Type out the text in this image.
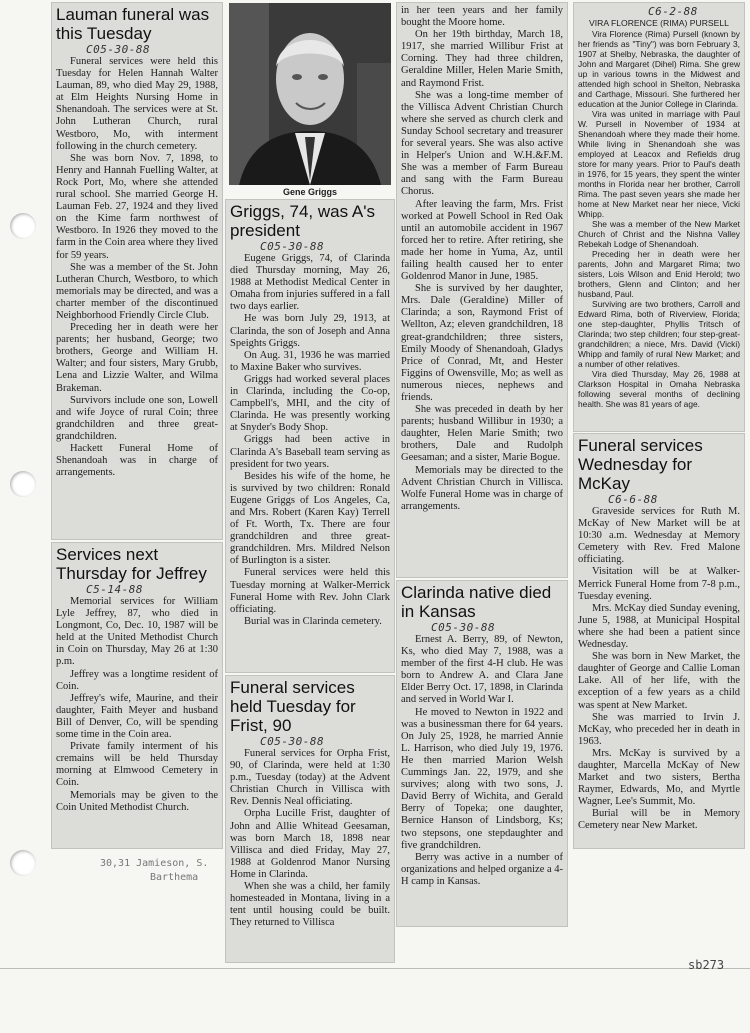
Lauman funeral was this Tuesday
C05-30-88

Funeral services were held this Tuesday for Helen Hannah Walter Lauman, 89, who died May 29, 1988, at Elm Heights Nursing Home in Shenandoah. The services were at St. John Lutheran Church, rural Westboro, Mo, with interment following in the church cemetery.

She was born Nov. 7, 1898, to Henry and Hannah Fuelling Walter, at Rock Port, Mo, where she attended rural school. She married George H. Lauman Feb. 27, 1924 and they lived on the Kime farm northwest of Westboro. In 1926 they moved to the farm in the Coin area where they lived for 59 years.

She was a member of the St. John Lutheran Church, Westboro, to which memorials may be directed, and was a charter member of the discontinued Neighborhood Friendly Circle Club.

Preceding her in death were her parents; her husband, George; two brothers, George and William H. Walter; and four sisters, Mary Grubb, Lena and Lizzie Walter, and Wilma Brakeman.

Survivors include one son, Lowell and wife Joyce of rural Coin; three grandchildren and three great-grandchildren.

Hackett Funeral Home of Shenandoah was in charge of arrangements.

Services next Thursday for Jeffrey
C5-14-88

Memorial services for William Lyle Jeffrey, 87, who died in Longmont, Co, Dec. 10, 1987 will be held at the United Methodist Church in Coin on Thursday, May 26 at 1:30 p.m.

Jeffrey was a longtime resident of Coin.

Jeffrey's wife, Maurine, and their daughter, Faith Meyer and husband Bill of Denver, Co, will be spending some time in the Coin area.

Private family interment of his cremains will be held Thursday morning at Elmwood Cemetery in Coin.

Memorials may be given to the Coin United Methodist Church.

30,31 Jamieson, S.
Barthema
Gene Griggs
Griggs, 74, was A's president
C05-30-88

Eugene Griggs, 74, of Clarinda died Thursday morning, May 26, 1988 at Methodist Medical Center in Omaha from injuries suffered in a fall two days earlier.

He was born July 29, 1913, at Clarinda, the son of Joseph and Anna Speights Griggs.

On Aug. 31, 1936 he was married to Maxine Baker who survives.

Griggs had worked several places in Clarinda, including the Co-op, Campbell's, MHI, and the city of Clarinda. He was presently working at Snyder's Body Shop.

Griggs had been active in Clarinda A's Baseball team serving as president for two years.

Besides his wife of the home, he is survived by two children: Ronald Eugene Griggs of Los Angeles, Ca, and Mrs. Robert (Karen Kay) Terrell of Ft. Worth, Tx. There are four grandchildren and three great-grandchildren. Mrs. Mildred Nelson of Burlington is a sister.

Funeral services were held this Tuesday morning at Walker-Merrick Funeral Home with Rev. John Clark officiating.

Burial was in Clarinda cemetery.

Funeral services held Tuesday for Frist, 90
C05-30-88

Funeral services for Orpha Frist, 90, of Clarinda, were held at 1:30 p.m., Tuesday (today) at the Advent Christian Church in Villisca with Rev. Dennis Neal officiating.

Orpha Lucille Frist, daughter of John and Allie Whitead Geesaman, was born March 18, 1898 near Villisca and died Friday, May 27, 1988 at Goldenrod Manor Nursing Home in Clarinda.

When she was a child, her family homesteaded in Montana, living in a tent until housing could be built. They returned to Villisca

in her teen years and her family bought the Moore home.

On her 19th birthday, March 18, 1917, she married Willibur Frist at Corning. They had three children, Geraldine Miller, Helen Marie Smith, and Raymond Frist.

She was a long-time member of the Villisca Advent Christian Church where she served as church clerk and Sunday School secretary and treasurer for several years. She was also active in Helper's Union and W.H.&F.M. She was a member of Farm Bureau and sang with the Farm Bureau Chorus.

After leaving the farm, Mrs. Frist worked at Powell School in Red Oak until an automobile accident in 1967 forced her to retire. After retiring, she made her home in Yuma, Az, until failing health caused her to enter Goldenrod Manor in June, 1985.

She is survived by her daughter, Mrs. Dale (Geraldine) Miller of Clarinda; a son, Raymond Frist of Wellton, Az; eleven grandchildren, 18 great-grandchildren; three sisters, Emily Moody of Shenandoah, Gladys Price of Conrad, Mt, and Hester Figgins of Owensville, Mo; as well as numerous nieces, nephews and friends.

She was preceded in death by her parents; husband Willibur in 1930; a daughter, Helen Marie Smith; two brothers, Dale and Rudolph Geesaman; and a sister, Marie Bogue.

Memorials may be directed to the Advent Christian Church in Villisca. Wolfe Funeral Home was in charge of arrangements.

Clarinda native died in Kansas
C05-30-88

Ernest A. Berry, 89, of Newton, Ks, who died May 7, 1988, was a member of the first 4-H club. He was born to Andrew A. and Clara Jane Elder Berry Oct. 17, 1898, in Clarinda and served in World War I.

He moved to Newton in 1922 and was a businessman there for 64 years. On July 25, 1928, he married Annie L. Harrison, who died July 19, 1976. He then married Marion Welsh Cummings Jan. 22, 1979, and she survives; along with two sons, J. David Berry of Wichita, and Gerald Berry of Topeka; one daughter, Bernice Hanson of Lindsborg, Ks; two stepsons, one stepdaughter and five grandchildren.

Berry was active in a number of organizations and helped organize a 4-H camp in Kansas.

C6-2-88
VIRA FLORENCE (RIMA) PURSELL

Vira Florence (Rima) Pursell (known by her friends as "Tiny") was born February 3, 1907 at Shelby, Nebraska, the daughter of John and Margaret (Dihel) Rima. She grew up in various towns in the Midwest and attended high school in Shelton, Nebraska and Carthage, Missouri. She furthered her education at the Junior College in Clarinda.

Vira was united in marriage with Paul W. Pursell in November of 1934 at Shenandoah where they made their home. While living in Shenandoah she was employed at Leacox and Refields drug store for many years. Prior to Paul's death in 1976, for 15 years, they spent the winter months in Florida near her brother, Carroll Rima. The past seven years she made her home at New Market near her niece, Vicki Whipp.

She was a member of the New Market Church of Christ and the Nishna Valley Rebekah Lodge of Shenandoah.

Preceding her in death were her parents, John and Margaret Rima; two sisters, Lois Wilson and Enid Herold; two brothers, Glenn and Clinton; and her husband, Paul.

Surviving are two brothers, Carroll and Edward Rima, both of Riverview, Florida; one step-daughter, Phyllis Tritsch of Clarinda; two step children; four step-great-grandchildren; a niece, Mrs. David (Vicki) Whipp and family of rural New Market; and a number of other relatives.

Vira died Thursday, May 26, 1988 at Clarkson Hospital in Omaha Nebraska following several months of declining health. She was 81 years of age.

Funeral services Wednesday for McKay
C6-6-88

Graveside services for Ruth M. McKay of New Market will be at 10:30 a.m. Wednesday at Memory Cemetery with Rev. Fred Malone officiating.

Visitation will be at Walker-Merrick Funeral Home from 7-8 p.m., Tuesday evening.

Mrs. McKay died Sunday evening, June 5, 1988, at Municipal Hospital where she had been a patient since Wednesday.

She was born in New Market, the daughter of George and Callie Loman Lake. All of her life, with the exception of a few years as a child was spent at New Market.

She was married to Irvin J. McKay, who preceded her in death in 1963.

Mrs. McKay is survived by a daughter, Marcella McKay of New Market and two sisters, Bertha Raymer, Edwards, Mo, and Myrtle Wagner, Lee's Summit, Mo.

Burial will be in Memory Cemetery near New Market.

sb273
